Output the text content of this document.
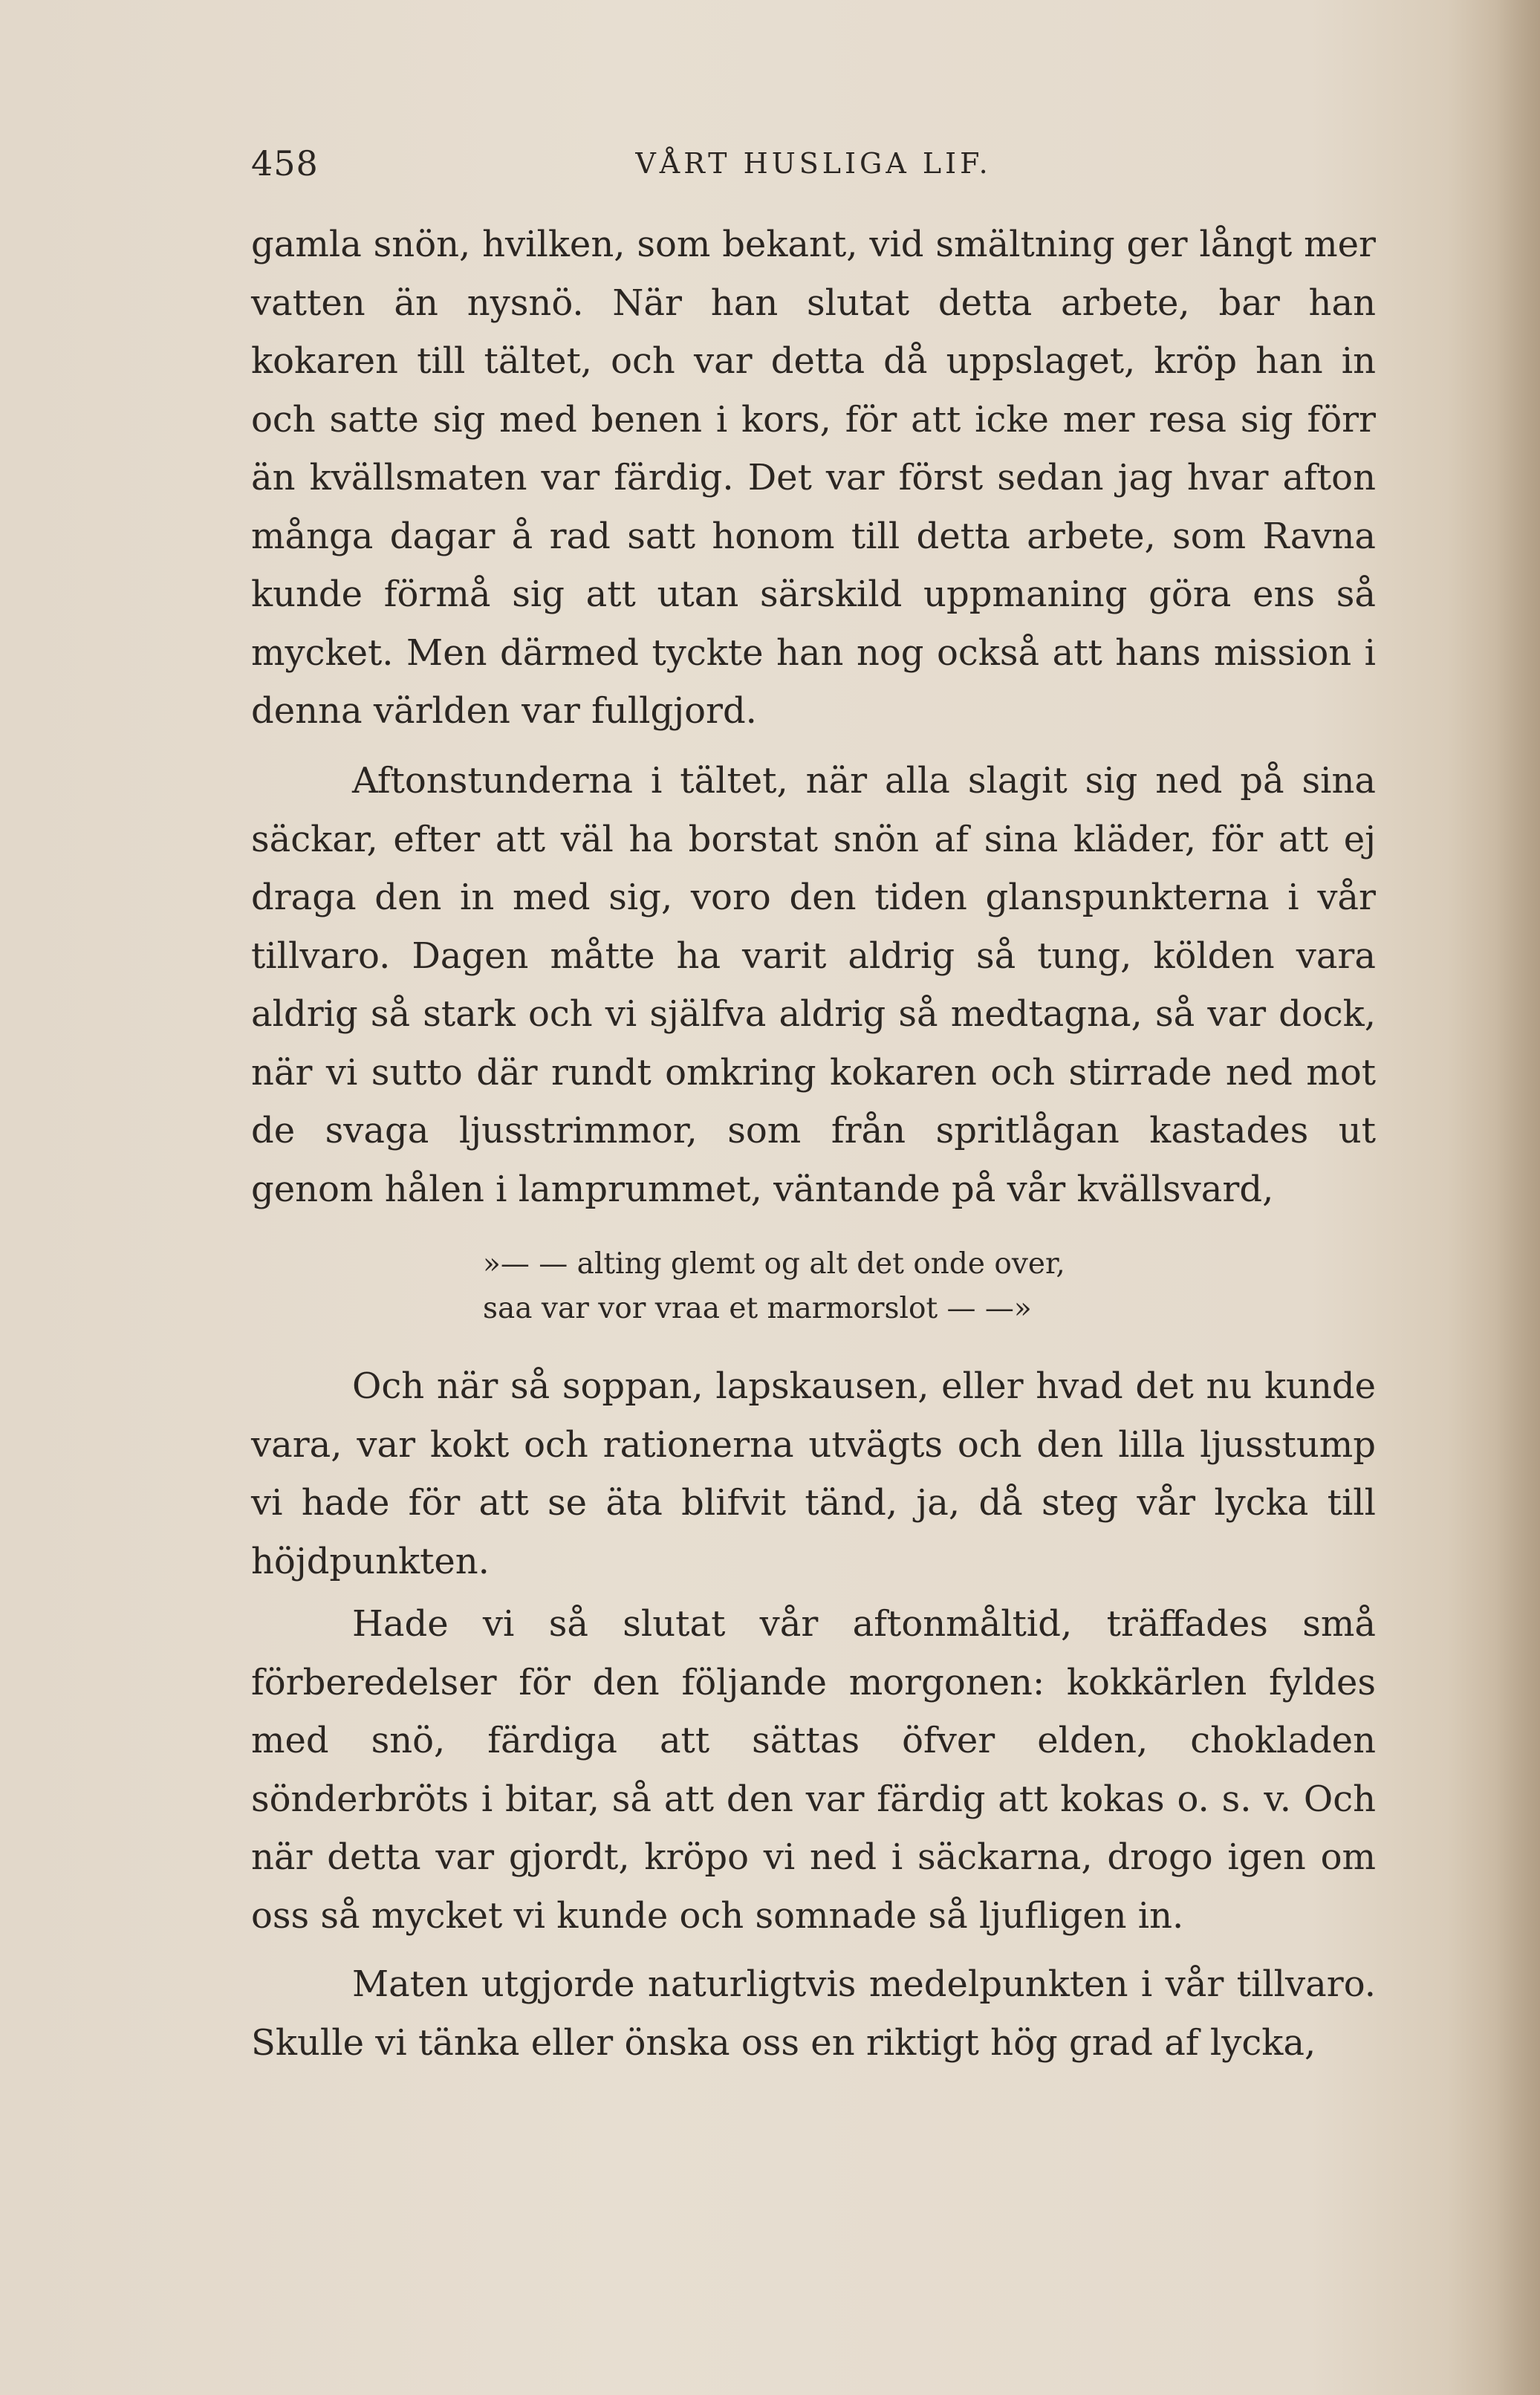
458	VÅRT HUSLIGA LIF.

gamla snön, hvilken, som bekant, vid smältning ger långt mer vatten än nysnö. När han slutat detta arbete, bar han kokaren till tältet, och var detta då uppslaget, kröp han in och satte sig med benen i kors, för att icke mer resa sig förr än kvällsmaten var färdig. Det var först sedan jag hvar afton många dagar å rad satt honom till detta arbete, som Ravna kunde förmå sig att utan särskild uppmaning göra ens så mycket. Men därmed tyckte han nog också att hans mission i denna världen var fullgjord.

Aftonstunderna i tältet, när alla slagit sig ned på sina säckar, efter att väl ha borstat snön af sina kläder, för att ej draga den in med sig, voro den tiden glanspunkterna i vår tillvaro. Dagen måtte ha varit aldrig så tung, kölden vara aldrig så stark och vi själfva aldrig så medtagna, så var dock, när vi sutto där rundt omkring kokaren och stirrade ned mot de svaga ljusstrimmor, som från spritlågan kastades ut genom hålen i lamprummet, väntande på vår kvällsvard,

»— — alting glemt og alt det onde over,
saa var vor vraa et marmorslot — —»

Och när så soppan, lapskausen, eller hvad det nu kunde vara, var kokt och rationerna utvägts och den lilla ljusstump vi hade för att se äta blifvit tänd, ja, då steg vår lycka till höjdpunkten.

Hade vi så slutat vår aftonmåltid, träffades små förberedelser för den följande morgonen: kokkärlen fyldes med snö, färdiga att sättas öfver elden, chokladen sönderbröts i bitar, så att den var färdig att kokas o. s. v. Och när detta var gjordt, kröpo vi ned i säckarna, drogo igen om oss så mycket vi kunde och somnade så ljufligen in.

Maten utgjorde naturligtvis medelpunkten i vår tillvaro. Skulle vi tänka eller önska oss en riktigt hög grad af lycka,
